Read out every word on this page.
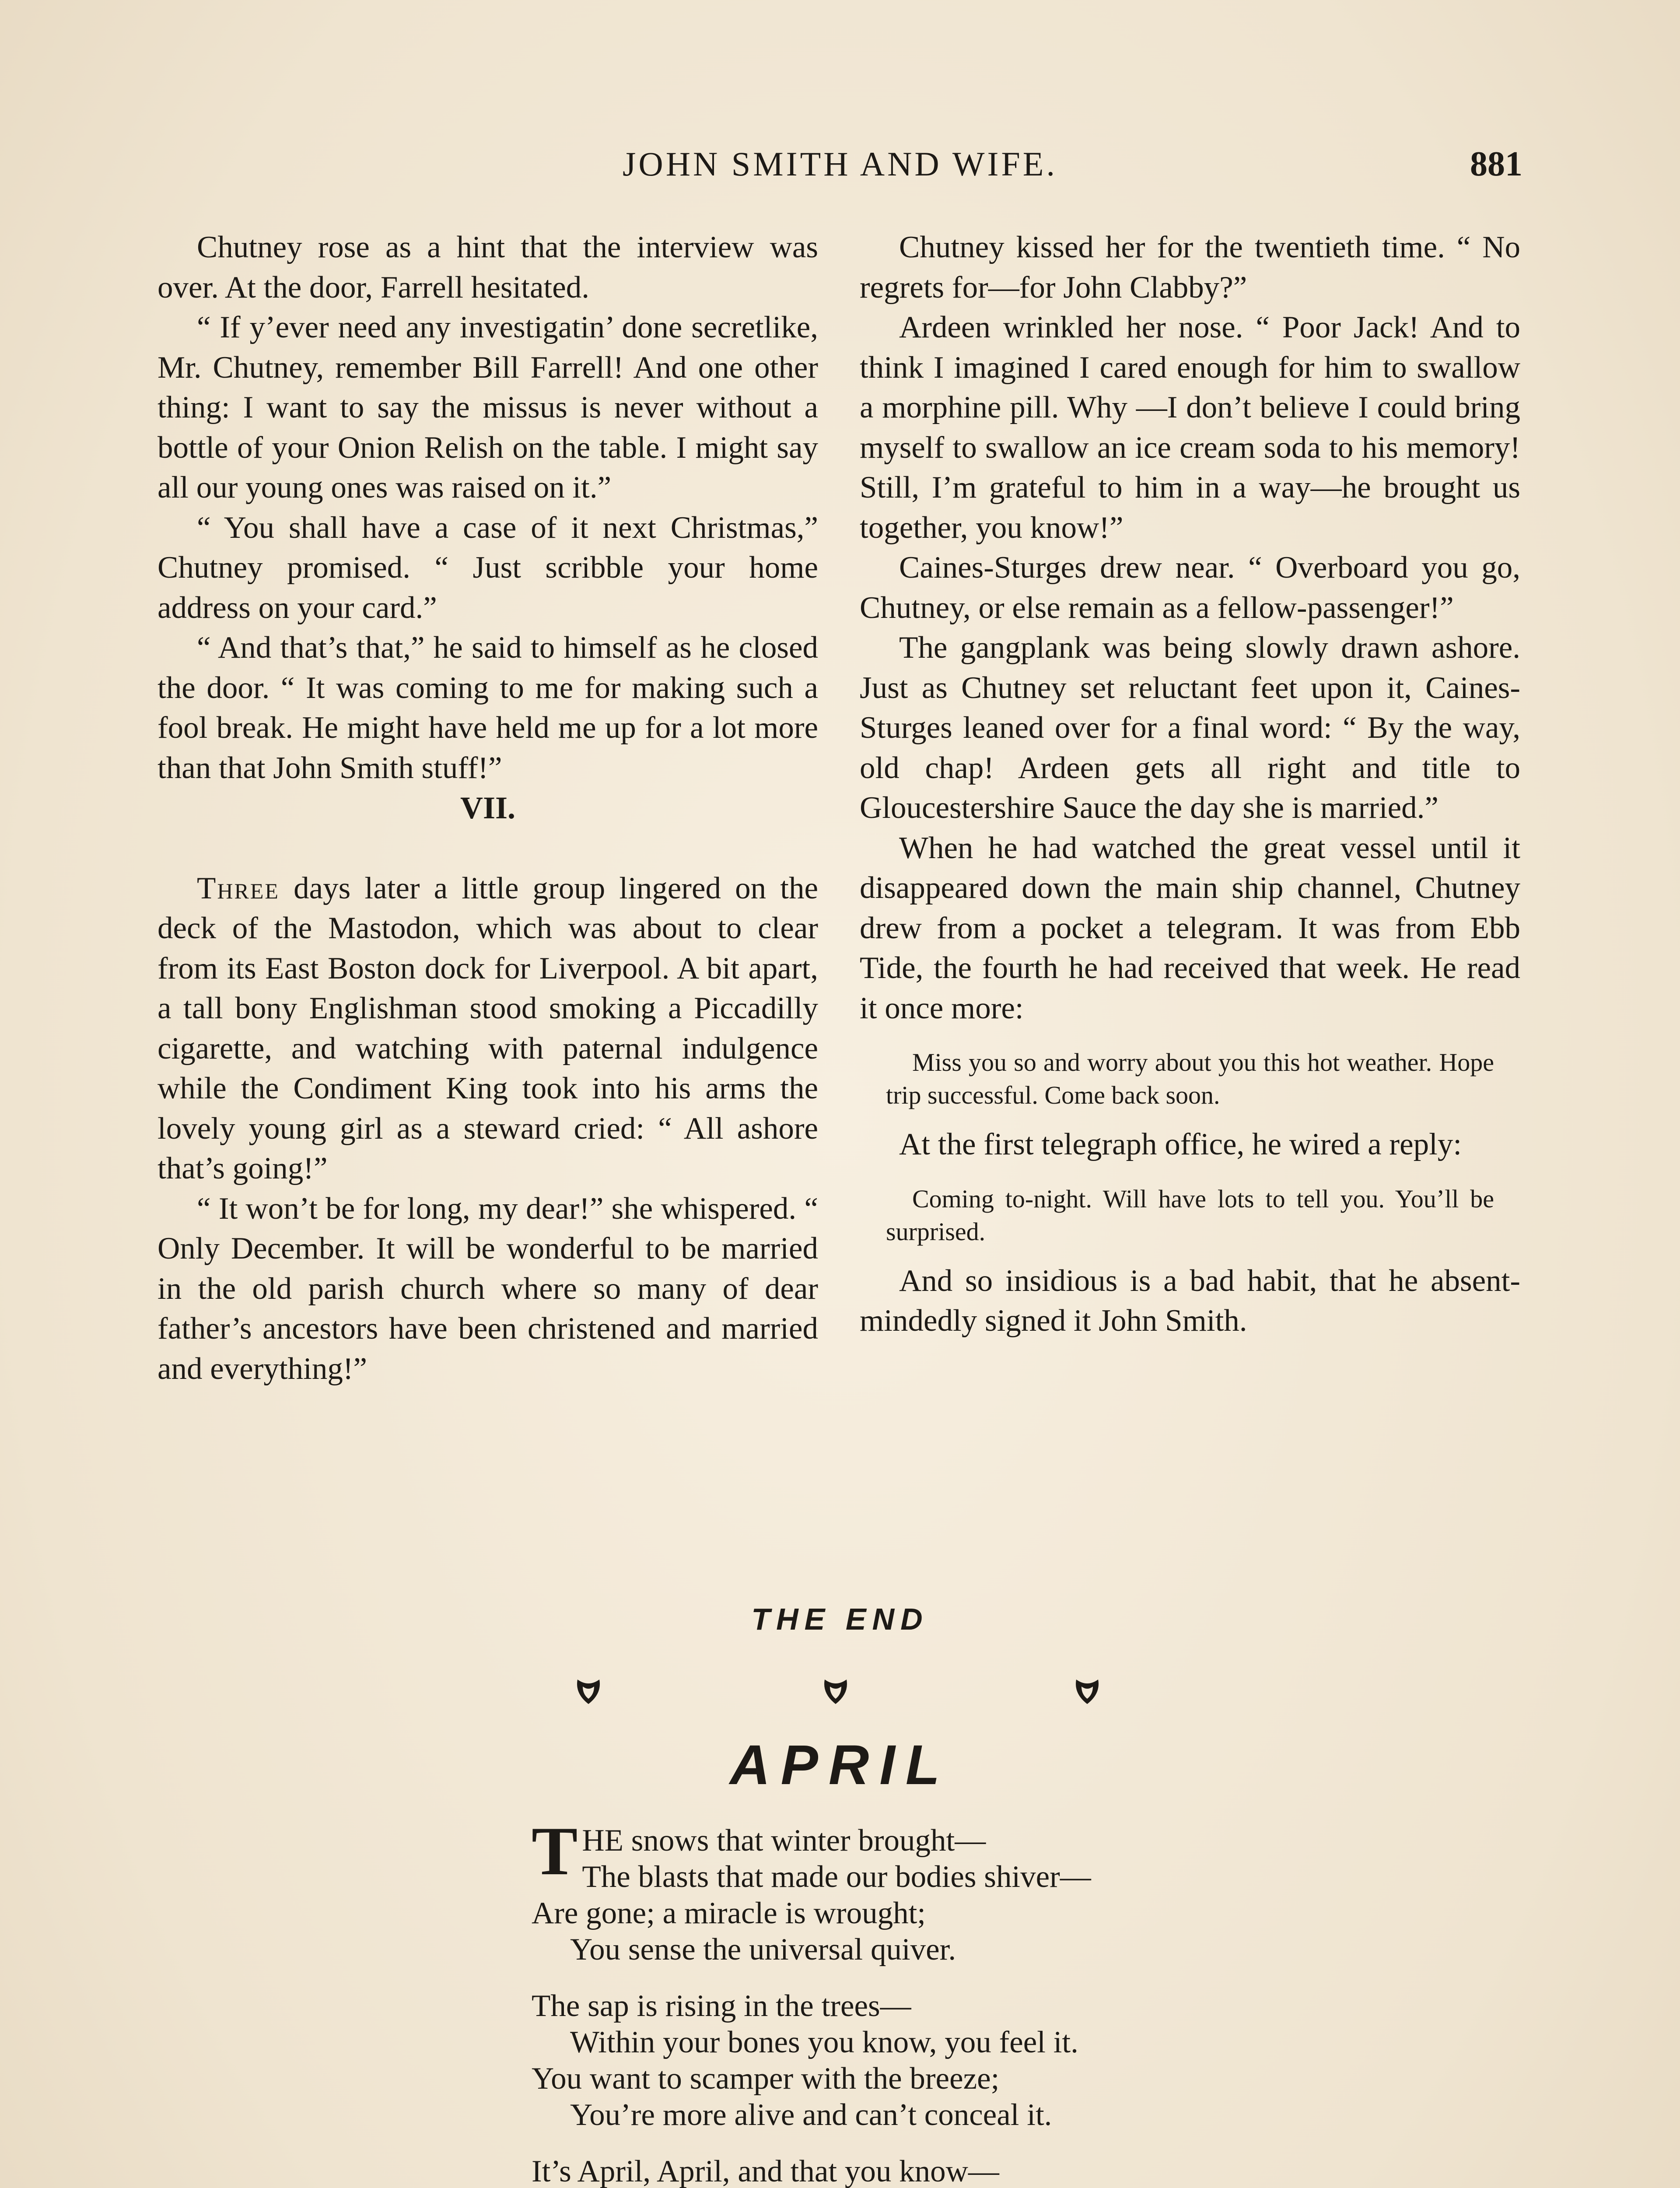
JOHN SMITH AND WIFE.	881

Chutney rose as a hint that the interview was over. At the door, Farrell hesitated.

“ If y’ever need any investigatin’ done secretlike, Mr. Chutney, remember Bill Farrell! And one other thing: I want to say the missus is never without a bottle of your Onion Relish on the table. I might say all our young ones was raised on it.”

“ You shall have a case of it next Christmas,” Chutney promised. “ Just scribble your home address on your card.”

“ And that’s that,” he said to himself as he closed the door. “ It was coming to me for making such a fool break. He might have held me up for a lot more than that John Smith stuff!”

VII.

Three days later a little group lingered on the deck of the Mastodon, which was about to clear from its East Boston dock for Liverpool. A bit apart, a tall bony Englishman stood smoking a Piccadilly cigarette, and watching with paternal indulgence while the Condiment King took into his arms the lovely young girl as a steward cried: “ All ashore that’s going!”

“ It won’t be for long, my dear!” she whispered. “ Only December. It will be wonderful to be married in the old parish church where so many of dear father’s ancestors have been christened and married and everything!”

Chutney kissed her for the twentieth time. “ No regrets for—for John Clabby?”

Ardeen wrinkled her nose. “ Poor Jack! And to think I imagined I cared enough for him to swallow a morphine pill. Why —I don’t believe I could bring myself to swallow an ice cream soda to his memory! Still, I’m grateful to him in a way—he brought us together, you know!”

Caines-Sturges drew near. “ Overboard you go, Chutney, or else remain as a fellow-passenger!”

The gangplank was being slowly drawn ashore. Just as Chutney set reluctant feet upon it, Caines-Sturges leaned over for a final word: “ By the way, old chap! Ardeen gets all right and title to Gloucestershire Sauce the day she is married.”

When he had watched the great vessel until it disappeared down the main ship channel, Chutney drew from a pocket a telegram. It was from Ebb Tide, the fourth he had received that week. He read it once more:

Miss you so and worry about you this hot weather. Hope trip successful. Come back soon.

At the first telegraph office, he wired a reply:

Coming to-night. Will have lots to tell you. You’ll be surprised.

And so insidious is a bad habit, that he absent-mindedly signed it John Smith.

THE END
APRIL
T HE snows that winter brought—
The blasts that made our bodies shiver—
Are gone; a miracle is wrought;
You sense the universal quiver.
The sap is rising in the trees—
Within your bones you know, you feel it.
You want to scamper with the breeze;
You’re more alive and can’t conceal it.
It’s April, April, and that you know—
